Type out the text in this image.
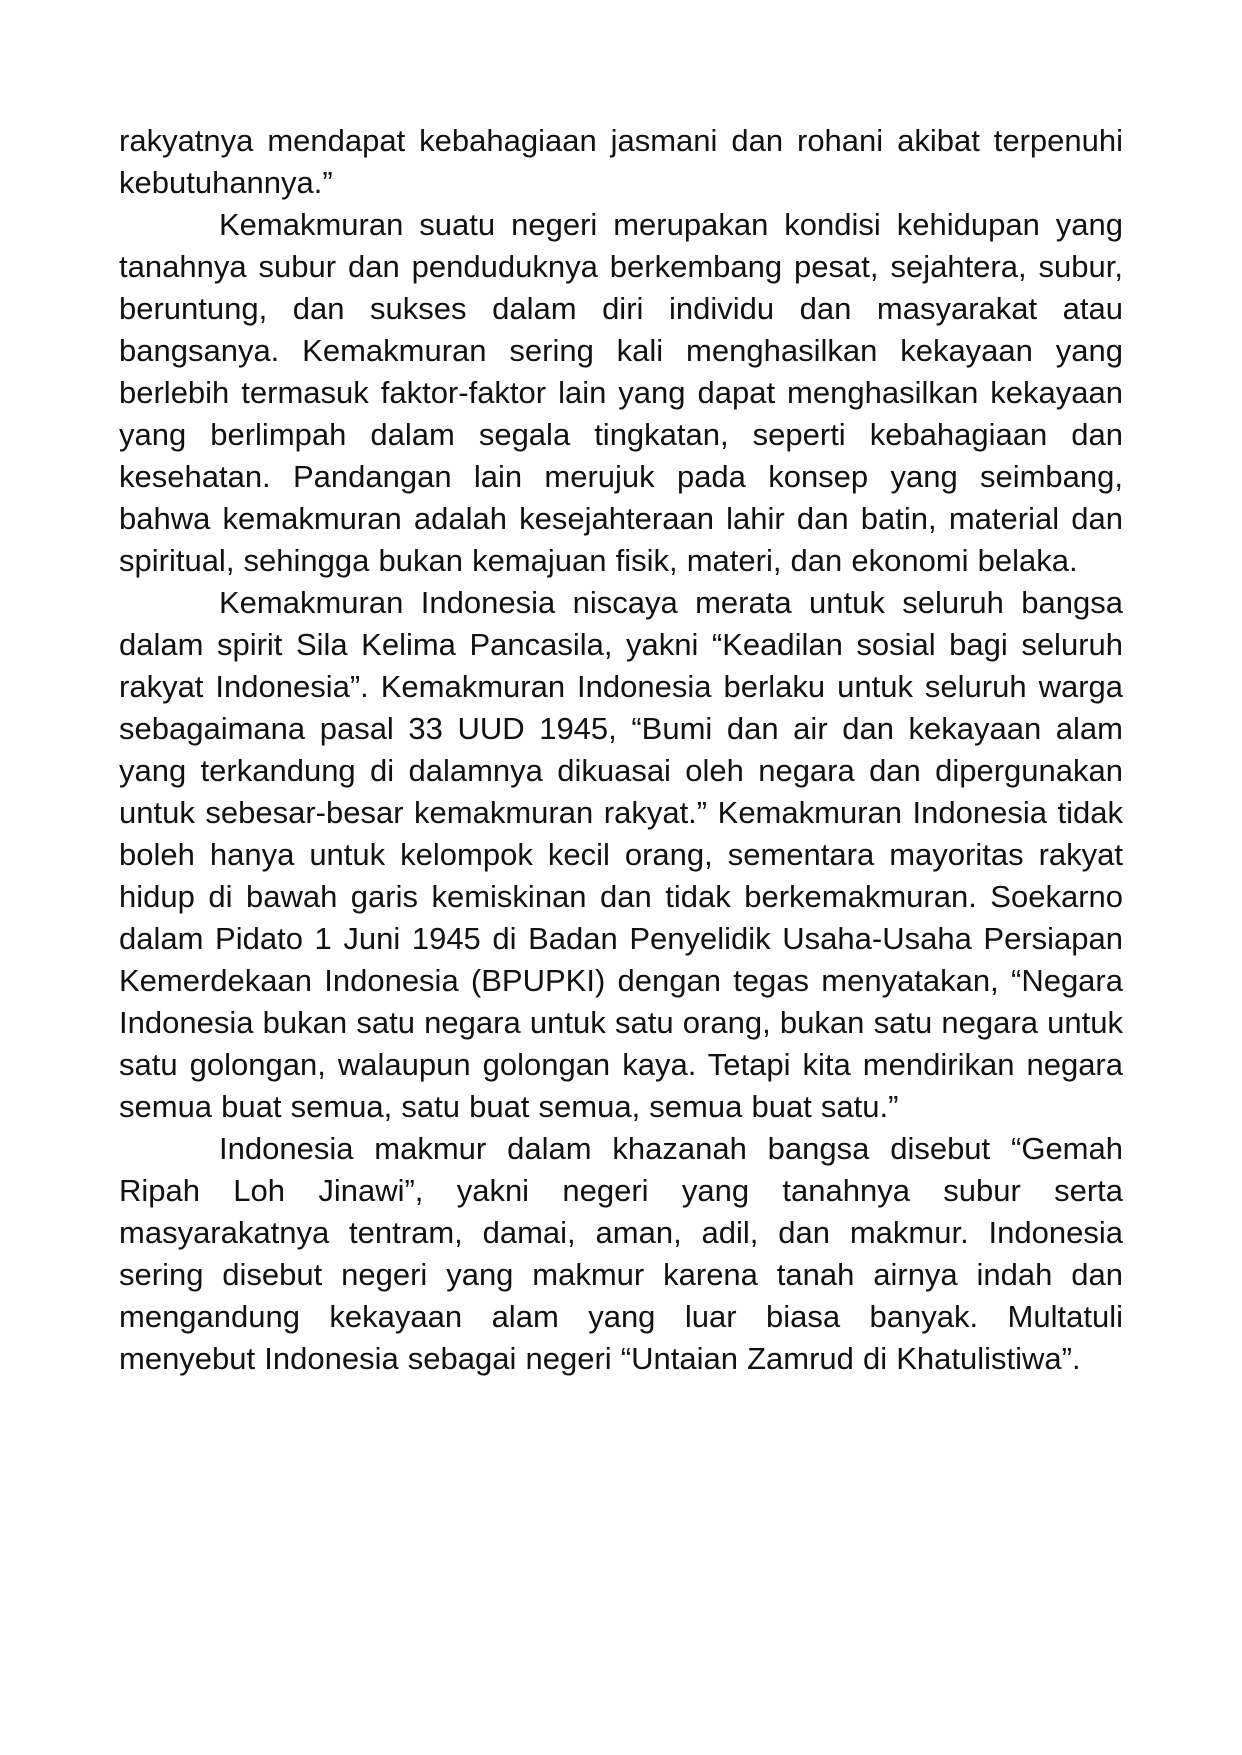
rakyatnya mendapat kebahagiaan jasmani dan rohani akibat terpenuhi kebutuhannya.”

Kemakmuran suatu negeri merupakan kondisi kehidupan yang tanahnya subur dan penduduknya berkembang pesat, sejahtera, subur, beruntung, dan sukses dalam diri individu dan masyarakat atau bangsanya. Kemakmuran sering kali menghasilkan kekayaan yang berlebih termasuk faktor-faktor lain yang dapat menghasilkan kekayaan yang berlimpah dalam segala tingkatan, seperti kebahagiaan dan kesehatan. Pandangan lain merujuk pada konsep yang seimbang, bahwa kemakmuran adalah kesejahteraan lahir dan batin, material dan spiritual, sehingga bukan kemajuan fisik, materi, dan ekonomi belaka.

Kemakmuran Indonesia niscaya merata untuk seluruh bangsa dalam spirit Sila Kelima Pancasila, yakni “Keadilan sosial bagi seluruh rakyat Indonesia”. Kemakmuran Indonesia berlaku untuk seluruh warga sebagaimana pasal 33 UUD 1945, “Bumi dan air dan kekayaan alam yang terkandung di dalamnya dikuasai oleh negara dan dipergunakan untuk sebesar-besar kemakmuran rakyat.” Kemakmuran Indonesia tidak boleh hanya untuk kelompok kecil orang, sementara mayoritas rakyat hidup di bawah garis kemiskinan dan tidak berkemakmuran. Soekarno dalam Pidato 1 Juni 1945 di Badan Penyelidik Usaha-Usaha Persiapan Kemerdekaan Indonesia (BPUPKI) dengan tegas menyatakan, “Negara Indonesia bukan satu negara untuk satu orang, bukan satu negara untuk satu golongan, walaupun golongan kaya. Tetapi kita mendirikan negara semua buat semua, satu buat semua, semua buat satu.”

Indonesia makmur dalam khazanah bangsa disebut “Gemah Ripah Loh Jinawi”, yakni negeri yang tanahnya subur serta masyarakatnya tentram, damai, aman, adil, dan makmur. Indonesia sering disebut negeri yang makmur karena tanah airnya indah dan mengandung kekayaan alam yang luar biasa banyak. Multatuli menyebut Indonesia sebagai negeri “Untaian Zamrud di Khatulistiwa”.
